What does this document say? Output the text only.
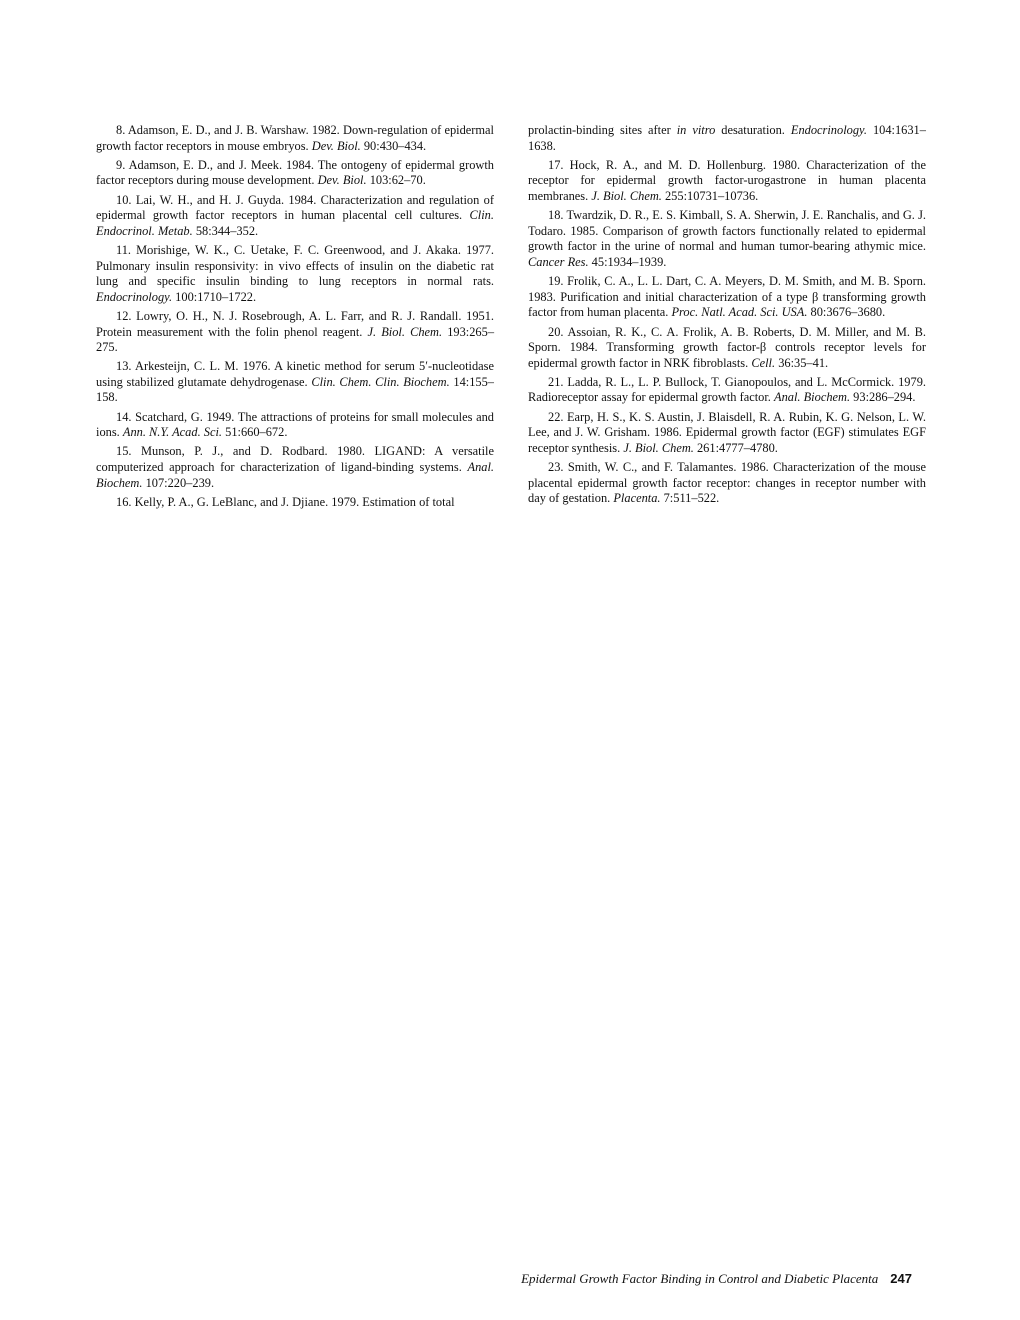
8. Adamson, E. D., and J. B. Warshaw. 1982. Down-regulation of epidermal growth factor receptors in mouse embryos. Dev. Biol. 90:430–434.

9. Adamson, E. D., and J. Meek. 1984. The ontogeny of epidermal growth factor receptors during mouse development. Dev. Biol. 103:62–70.

10. Lai, W. H., and H. J. Guyda. 1984. Characterization and regulation of epidermal growth factor receptors in human placental cell cultures. Clin. Endocrinol. Metab. 58:344–352.

11. Morishige, W. K., C. Uetake, F. C. Greenwood, and J. Akaka. 1977. Pulmonary insulin responsivity: in vivo effects of insulin on the diabetic rat lung and specific insulin binding to lung receptors in normal rats. Endocrinology. 100:1710–1722.

12. Lowry, O. H., N. J. Rosebrough, A. L. Farr, and R. J. Randall. 1951. Protein measurement with the folin phenol reagent. J. Biol. Chem. 193:265–275.

13. Arkesteijn, C. L. M. 1976. A kinetic method for serum 5′-nucleotidase using stabilized glutamate dehydrogenase. Clin. Chem. Clin. Biochem. 14:155–158.

14. Scatchard, G. 1949. The attractions of proteins for small molecules and ions. Ann. N.Y. Acad. Sci. 51:660–672.

15. Munson, P. J., and D. Rodbard. 1980. LIGAND: A versatile computerized approach for characterization of ligand-binding systems. Anal. Biochem. 107:220–239.

16. Kelly, P. A., G. LeBlanc, and J. Djiane. 1979. Estimation of total

prolactin-binding sites after in vitro desaturation. Endocrinology. 104:1631–1638.

17. Hock, R. A., and M. D. Hollenburg. 1980. Characterization of the receptor for epidermal growth factor-urogastrone in human placenta membranes. J. Biol. Chem. 255:10731–10736.

18. Twardzik, D. R., E. S. Kimball, S. A. Sherwin, J. E. Ranchalis, and G. J. Todaro. 1985. Comparison of growth factors functionally related to epidermal growth factor in the urine of normal and human tumor-bearing athymic mice. Cancer Res. 45:1934–1939.

19. Frolik, C. A., L. L. Dart, C. A. Meyers, D. M. Smith, and M. B. Sporn. 1983. Purification and initial characterization of a type β transforming growth factor from human placenta. Proc. Natl. Acad. Sci. USA. 80:3676–3680.

20. Assoian, R. K., C. A. Frolik, A. B. Roberts, D. M. Miller, and M. B. Sporn. 1984. Transforming growth factor-β controls receptor levels for epidermal growth factor in NRK fibroblasts. Cell. 36:35–41.

21. Ladda, R. L., L. P. Bullock, T. Gianopoulos, and L. McCormick. 1979. Radioreceptor assay for epidermal growth factor. Anal. Biochem. 93:286–294.

22. Earp, H. S., K. S. Austin, J. Blaisdell, R. A. Rubin, K. G. Nelson, L. W. Lee, and J. W. Grisham. 1986. Epidermal growth factor (EGF) stimulates EGF receptor synthesis. J. Biol. Chem. 261:4777–4780.

23. Smith, W. C., and F. Talamantes. 1986. Characterization of the mouse placental epidermal growth factor receptor: changes in receptor number with day of gestation. Placenta. 7:511–522.

Epidermal Growth Factor Binding in Control and Diabetic Placenta 247
